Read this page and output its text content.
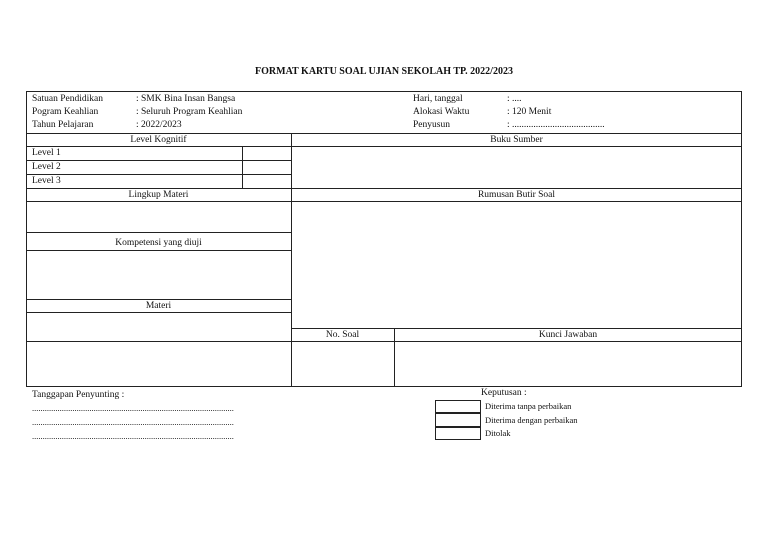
FORMAT KARTU SOAL UJIAN SEKOLAH TP. 2022/2023
Satuan Pendidikan	: SMK Bina Insan Bangsa
Pogram Keahlian	: Seluruh Program Keahlian
Tahun Pelajaran	: 2022/2023
Hari, tanggal	: ....
Alokasi Waktu	: 120 Menit
Penyusun	: .......................................
Level Kognitif
Level 1
Level 2
Level 3
Buku Sumber
Lingkup Materi	Rumusan Butir Soal
Kompetensi yang diuji
Materi
No. Soal	Kunci Jawaban
Tanggapan Penyunting :
...............................................................................................
...............................................................................................
...............................................................................................
Keputusan :
Diterima tanpa perbaikan
Diterima dengan perbaikan
Ditolak
